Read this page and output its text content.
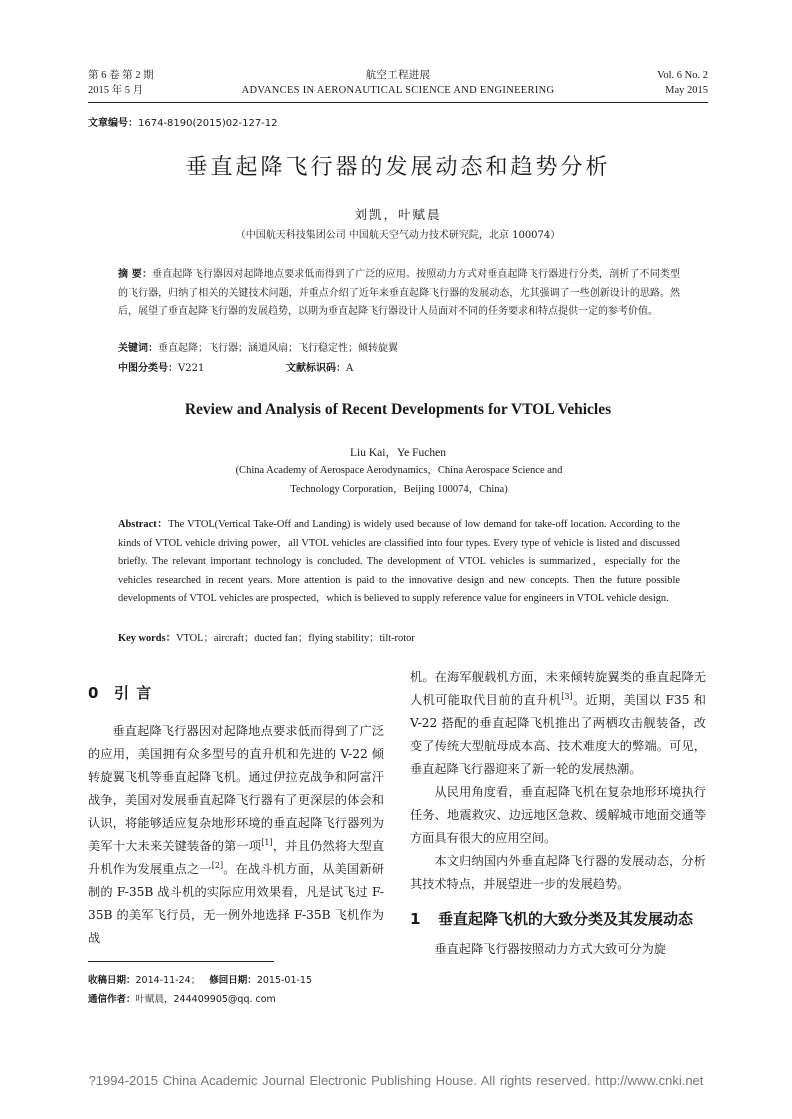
第 6 卷 第 2 期
2015 年 5 月
航空工程进展
ADVANCES IN AERONAUTICAL SCIENCE AND ENGINEERING
Vol. 6 No. 2
May 2015
文章编号：1674-8190(2015)02-127-12
垂直起降飞行器的发展动态和趋势分析
刘凯，叶赋晨
（中国航天科技集团公司 中国航天空气动力技术研究院，北京 100074）
摘 要：垂直起降飞行器因对起降地点要求低而得到了广泛的应用。按照动力方式对垂直起降飞行器进行分类，剖析了不同类型的飞行器，归纳了相关的关键技术问题，并重点介绍了近年来垂直起降飞行器的发展动态，尤其强调了一些创新设计的思路。然后，展望了垂直起降飞行器的发展趋势，以期为垂直起降飞行器设计人员面对不同的任务要求和特点提供一定的参考价值。
关键词：垂直起降；飞行器；涵道风扇；飞行稳定性；倾转旋翼
中图分类号：V221	文献标识码：A
Review and Analysis of Recent Developments for VTOL Vehicles
Liu Kai，Ye Fuchen
(China Academy of Aerospace Aerodynamics，China Aerospace Science and
Technology Corporation，Beijing 100074，China)
Abstract：The VTOL(Vertical Take-Off and Landing) is widely used because of low demand for take-off location. According to the kinds of VTOL vehicle driving power，all VTOL vehicles are classified into four types. Every type of vehicle is listed and discussed briefly. The relevant important technology is concluded. The development of VTOL vehicles is summarized，especially for the vehicles researched in recent years. More attention is paid to the innovative design and new concepts. Then the future possible developments of VTOL vehicles are prospected，which is believed to supply reference value for engineers in VTOL vehicle design.
Key words：VTOL；aircraft；ducted fan；flying stability；tilt-rotor
0 引 言

垂直起降飞行器因对起降地点要求低而得到了广泛的应用，美国拥有众多型号的直升机和先进的 V-22 倾转旋翼飞机等垂直起降飞机。通过伊拉克战争和阿富汗战争，美国对发展垂直起降飞行器有了更深层的体会和认识，将能够适应复杂地形环境的垂直起降飞行器列为美军十大未来关键装备的第一项[1]，并且仍然将大型直升机作为发展重点之一[2]。在战斗机方面，从美国新研制的 F-35B 战斗机的实际应用效果看，凡是试飞过 F-35B 的美军飞行员，无一例外地选择 F-35B 飞机作为战

机。在海军舰载机方面，未来倾转旋翼类的垂直起降无人机可能取代目前的直升机[3]。近期，美国以 F35 和 V-22 搭配的垂直起降飞机推出了两栖攻击舰装备，改变了传统大型航母成本高、技术难度大的弊端。可见，垂直起降飞行器迎来了新一轮的发展热潮。

从民用角度看，垂直起降飞机在复杂地形环境执行任务、地震救灾、边远地区急救、缓解城市地面交通等方面具有很大的应用空间。

本文归纳国内外垂直起降飞行器的发展动态，分析其技术特点，并展望进一步的发展趋势。

1 垂直起降飞机的大致分类及其发展动态

垂直起降飞行器按照动力方式大致可分为旋

收稿日期：2014-11-24； 修回日期：2015-01-15
通信作者：叶赋晨，244409905@qq. com
?1994-2015 China Academic Journal Electronic Publishing House. All rights reserved. http://www.cnki.net
